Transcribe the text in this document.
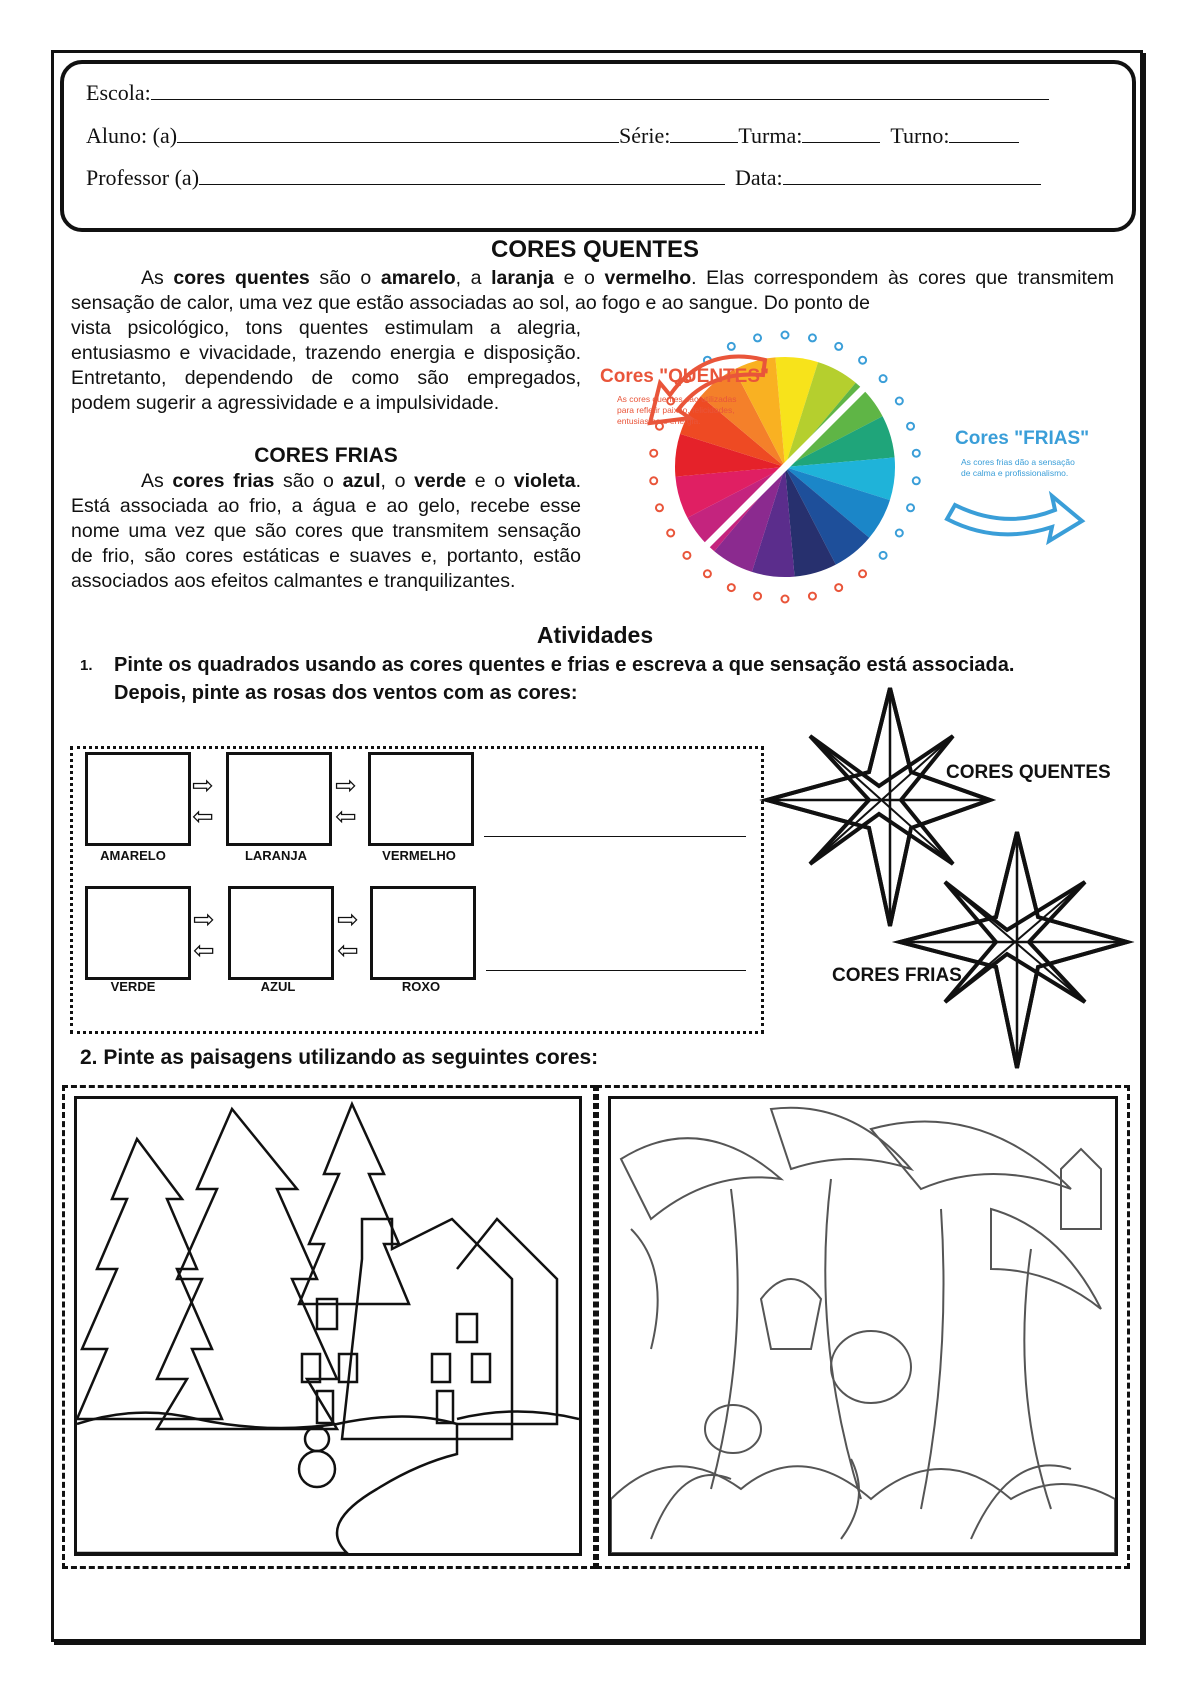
Escola:
Aluno: (a)	Série:	Turma:	Turno:
Professor (a)	Data:
CORES QUENTES
As cores quentes são o amarelo, a laranja e o vermelho. Elas correspondem às cores que transmitem sensação de calor, uma vez que estão associadas ao sol, ao fogo e ao sangue. Do ponto de
vista psicológico, tons quentes estimulam a alegria, entusiasmo e vivacidade, trazendo energia e disposição. Entretanto, dependendo de como são empregados, podem sugerir a agressividade e a impulsividade.
CORES FRIAS
As cores frias são o azul, o verde e o violeta. Está associada ao frio, a água e ao gelo, recebe esse nome uma vez que são cores que transmitem sensação de frio, são cores estáticas e suaves e, portanto, estão associados aos efeitos calmantes e tranquilizantes.
Cores "QUENTES"
As cores quentes são utilizadas
para refletir paixão, felicidades,
entusiasmo e energia.
Cores "FRIAS"
As cores frias dão a sensação
de calma e profissionalismo.
Atividades
1. Pinte os quadrados usando as cores quentes e frias e escreva a que sensação está associada.
Depois, pinte as rosas dos ventos com as cores:
AMARELO	LARANJA	VERMELHO
⇨
⇦
⇨
⇦
VERDE	AZUL	ROXO
⇨
⇦
⇨
⇦
CORES QUENTES
CORES FRIAS
2. Pinte as paisagens utilizando as seguintes cores:
